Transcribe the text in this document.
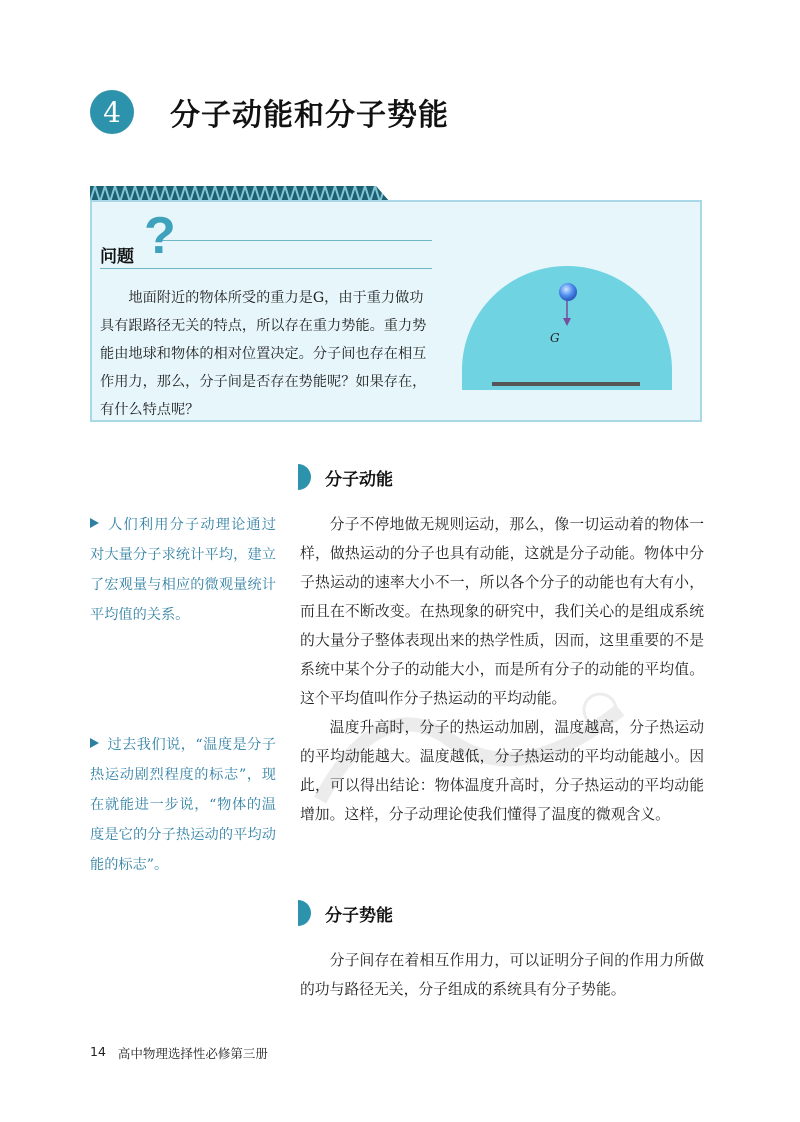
4	分子动能和分子势能
?
问题
地面附近的物体所受的重力是G，由于重力做功具有跟路径无关的特点，所以存在重力势能。重力势能由地球和物体的相对位置决定。分子间也存在相互作用力，那么，分子间是否存在势能呢？如果存在，有什么特点呢？
G
分子动能
人们利用分子动理论通过对大量分子求统计平均，建立了宏观量与相应的微观量统计平均值的关系。
过去我们说，“温度是分子热运动剧烈程度的标志”，现在就能进一步说，“物体的温度是它的分子热运动的平均动能的标志”。

分子不停地做无规则运动，那么，像一切运动着的物体一样，做热运动的分子也具有动能，这就是分子动能。物体中分子热运动的速率大小不一，所以各个分子的动能也有大有小，而且在不断改变。在热现象的研究中，我们关心的是组成系统的大量分子整体表现出来的热学性质，因而，这里重要的不是系统中某个分子的动能大小，而是所有分子的动能的平均值。这个平均值叫作分子热运动的平均动能。

温度升高时，分子的热运动加剧，温度越高，分子热运动的平均动能越大。温度越低，分子热运动的平均动能越小。因此，可以得出结论：物体温度升高时，分子热运动的平均动能增加。这样，分子动理论使我们懂得了温度的微观含义。

分子势能

分子间存在着相互作用力，可以证明分子间的作用力所做的功与路径无关，分子组成的系统具有分子势能。

14 高中物理选择性必修第三册
